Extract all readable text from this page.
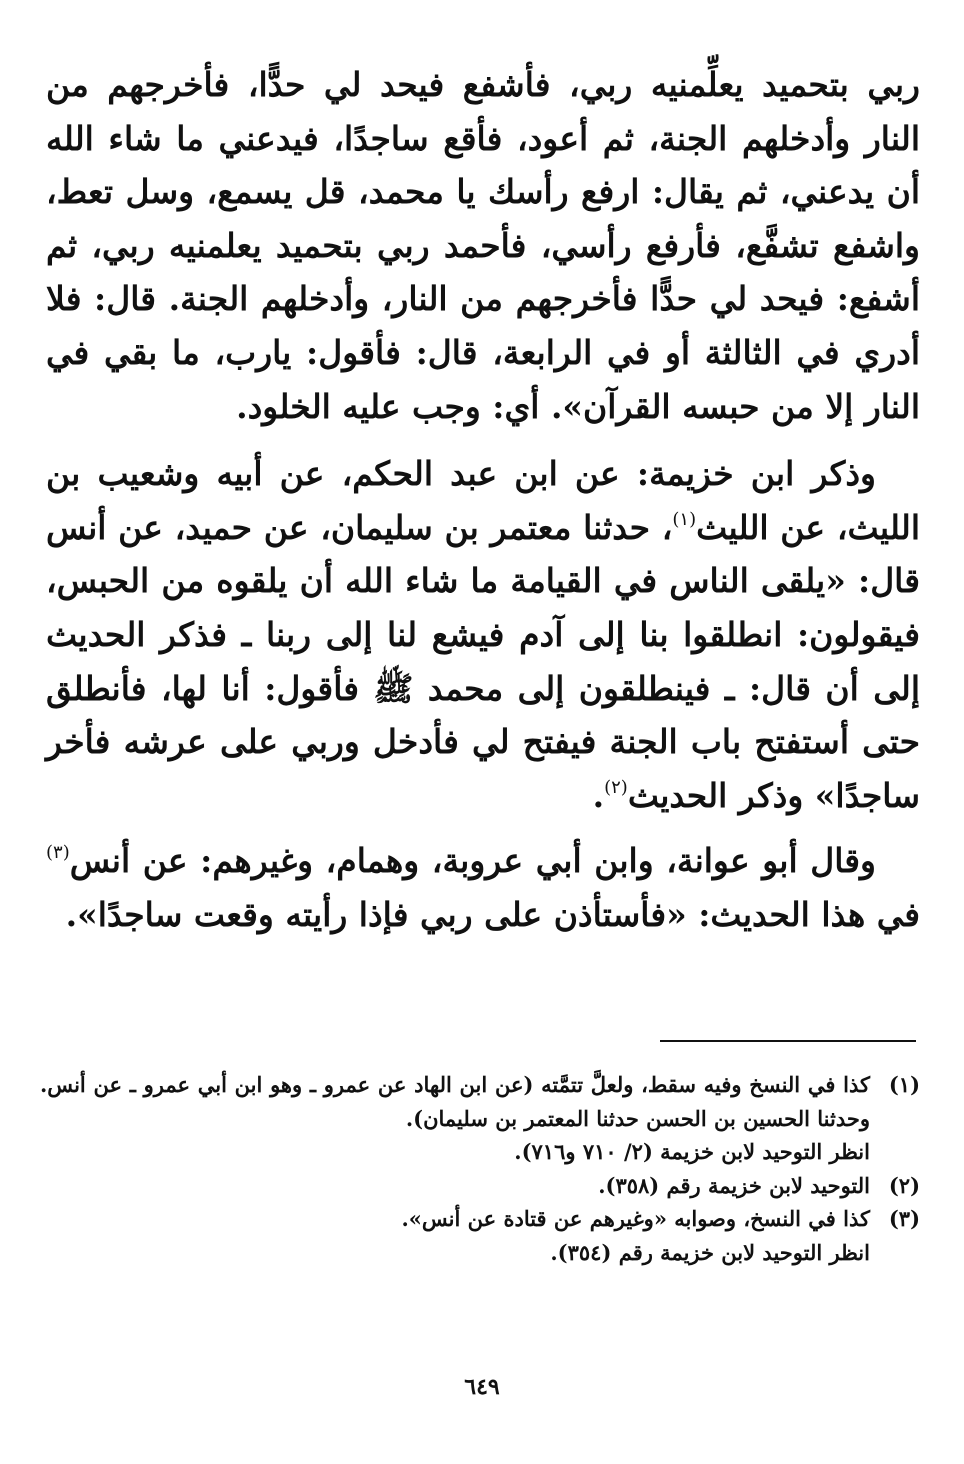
ربي بتحميد يعلِّمنيه ربي، فأشفع فيحد لي حدًّا، فأخرجهم من النار وأدخلهم الجنة، ثم أعود، فأقع ساجدًا، فيدعني ما شاء الله أن يدعني، ثم يقال: ارفع رأسك يا محمد، قل يسمع، وسل تعط، واشفع تشفَّع، فأرفع رأسي، فأحمد ربي بتحميد يعلمنيه ربي، ثم أشفع: فيحد لي حدًّا فأخرجهم من النار، وأدخلهم الجنة. قال: فلا أدري في الثالثة أو في الرابعة، قال: فأقول: يارب، ما بقي في النار إلا من حبسه القرآن». أي: وجب عليه الخلود.

وذكر ابن خزيمة: عن ابن عبد الحكم، عن أبيه وشعيب بن الليث، عن الليث$^{(١)}$، حدثنا معتمر بن سليمان، عن حميد، عن أنس قال: «يلقى الناس في القيامة ما شاء الله أن يلقوه من الحبس، فيقولون: انطلقوا بنا إلى آدم فيشع لنا إلى ربنا ـ فذكر الحديث إلى أن قال: ـ فينطلقون إلى محمد ﷺ فأقول: أنا لها، فأنطلق حتى أستفتح باب الجنة فيفتح لي فأدخل وربي على عرشه فأخر ساجدًا» وذكر الحديث$^{(٢)}$.

وقال أبو عوانة، وابن أبي عروبة، وهمام، وغيرهم: عن أنس$^{(٣)}$ في هذا الحديث: «فأستأذن على ربي فإذا رأيته وقعت ساجدًا».

(١)

كذا في النسخ وفيه سقط، ولعلَّ تتمَّته (عن ابن الهاد عن عمرو ـ وهو ابن أبي عمرو ـ عن أنس. وحدثنا الحسين بن الحسن حدثنا المعتمر بن سليمان).

انظر التوحيد لابن خزيمة (٢/ ٧١٠ و٧١٦).

(٢)

التوحيد لابن خزيمة رقم (٣٥٨).

(٣)

كذا في النسخ، وصوابه «وغيرهم عن قتادة عن أنس».

انظر التوحيد لابن خزيمة رقم (٣٥٤).

٦٤٩
